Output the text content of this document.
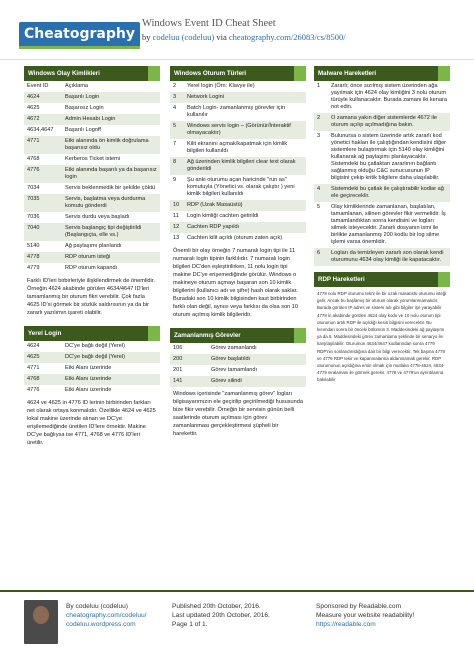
Cheatography
Windows Event ID Cheat Sheet
by codeluu (codeluu) via cheatography.com/26083/cs/8500/
Windows Olay Kimlikleri
Event ID	Açıklama
4624	Başarılı Login
4625	Başarısız Login
4672	Admin Hesabı Login
4634,4647	Başarılı Logoff
4771	Etki alanında ön kimlik doğrulama başarısız oldu
4768	Kerberos Ticket istemi
4776	Etki alanında başarılı ya da başarısız login
7034	Servis beklenmedik bir şekilde çöktü
7035	Servis, başlatma veya durdurma komutu gönderdi
7036	Servis durdu veya başladı
7040	Servis başlangıç tipi değiştirildi (Başlangıçta, elle vs.)
5140	Ağ paylaşımı planlandı
4778	RDP oturum isteği
4779	RDP oturum kapandı
Farklı ID'leri birbirleriyle ilişkilendirmek de önemlidir. Örneğin 4624 akabinde görülen 4634/4647 ID'leri tamamlanmış bir oturum fikri verebilir. Çok fazla 4625 ID'si görmek bir sözlük saldırısının ya da bir zararlı yazılımın işareti olabilir.
Yerel Login
4624	DC'ye bağlı değil (Yerel)
4625	DC'ye bağlı değil (Yerel)
4771	Etki Alanı üzerinde
4768	Etki Alanı üzerinde
4776	Etki Alanı üzerinde
4624 ve 4625 in 4776 ID lerinin birbirinden farkları net olarak ortaya konmalıdır. Özellikle 4624 ve 4625 lokal makine üzerinde alınan ve DC'ye erişilemediğinde üretilen ID'lere örnektir. Makine DC'ye bağlıysa ise 4771, 4768 ve 4776 ID'leri üretilir.
Windows Oturum Türleri
2	Yerel login (Örn: Klavye ile)
3	Network Logini
4	Batch Login- zamanlanmış görevler için kullanılır
5	Windows servis login – (Görünür/İnteraktif olmayacaktır)
7	Kilit ekranını açmak/kapatmak için kimlik bilgileri kullanıldı
8	Ağ üzerinden kimlik bilgileri clear text olarak gönderildi
9	Şu anki oturumu açan haricinde "run as" komutuyla (Yönetici vs. olarak çalıştır ) yeni kimlik bilgileri kullanıldı
10	RDP (Uzak Masaüstü)
11	Login kimliği cachten getirildi
12	Cachten RDP yapıldı
13	Cachten kilit açıldı (oturum zaten açık)
Önemli bir olay örneğin 7 numaralı login tipi ile 11 numaralı login tipinin farklılıdır. 7 numaralı login bilgileri DC'den eşleştirilirken, 11 nolu login tipi makine DC'ye erişemediğinde görülür. Windows o makineye oturum açmayı başaran son 10 kimlik bilgilerini (kullanıcı adı ve şifre) hash olarak saklar. Buradaki son 10 kimlik bilgisinden kast birbirinden farklı olan değil, aynısı veya farklısı da olsa son 10 oturum açılmış kimlik bilgileridir.
Zamanlanmış Görevler
106	Görev zamanlandı
200	Görev başlatıldı
201	Görev tamamlandı
141	Görev silindi
Windows içerisinde "zamanlanmış görev" logları bilgisayarımızın ele geçirilip geçirilmediği hususunda bize fikir verebilir. Örneğin bir servisin günün belli saatlerinde oturum açılması için görev zamanlanması gerçekleştirmesi şüpheli bir harekettir.
Malware Hareketleri
1	Zararlı; önce sızılmış sistem üzerinden ağa yayılmak için 4624 olay kimliğini 3 nolu oturum türüyle kullanacaktır. Burada zamanı iki kenara not edin.
2	O zamana yakın diğer sistemlerde 4672 ile oturum açılıp açılmadığına bakın.
3	Bulunursa o sistem üzerinde artık zararlı kod yönetici hakları ile çalıştığından kendisini diğer sistemlere bulaştırmak için 5140 olay kimliğini kullanarak ağ paylaşımı planlayacaktır. Sistemdeki bu çatlaktan zararlının bağlantı sağlanmış olduğu C&C sunucusunun IP bilgisini çekip kritik bilgilere daha ulaşılabilir.
4	Sistemdeki bu çatlak ile çalıştırabilir kodlar ağ ele geçireceklir.
5	Olay kimliklerinde zamanlanan, başlatılan, tamamlanan, silinen görevler fikir vermelidir. İş tamamlandıktan sonra kendisini ve logları silmek isteyecektir. Zararlı dosyanın ismi ile birlikte zamanlanmış 200 kodlu bir log silme işlemi varsa önemlidir.
6	Logları da temizleyen zararlı son olarak kendi oturumunu 4634 olay kimliği ile kapatacaktır.
RDP Hareketleri
4778 nolu RDP oturumu tekrir ile bir uzak masaüstü oturumu isteği gelir. Ancak bu başlamış bir oturum olarak yorumlanmamalıdır. Burada görülen IP adres ve sistem adı gibi bilgiler işe yarayabilir 4778 in akabinde görülen 4624 olay kodu ve 10 nolu oturum tipi oturumun artık RDP ile açıldığı kesin bilgisini verecektir. Bu kısımdan sonra bir önceki bölümün 3. Maddesindeki ağ paylaşımı ya da 5. Maddesindeki görev zamanlama şeklinde bir senaryo ile karşılaşılabilir. Oturumun 4634/4647 kodlarından sonra 4779 RDP'nin sonlandırıldığına dair bir bilgi verecektir. Tek başına 4778 ve 4779 RDP tekir ve kapanmalarına aldanmamak gerekir. RDP oturumunun açıldığına emin olmak için mutlaka 4778-4624, 4634-4779 sıralaması ile görmek gerekir. 4778 ve 4779'un ayrıntılarına bakılabilir
By codeluu (codeluu)
cheatography.com/codeluu/
codeluu.wordpress.com
Published 20th October, 2016.
Last updated 20th October, 2016.
Page 1 of 1.
Sponsored by Readable.com
Measure your website readability!
https://readable.com
